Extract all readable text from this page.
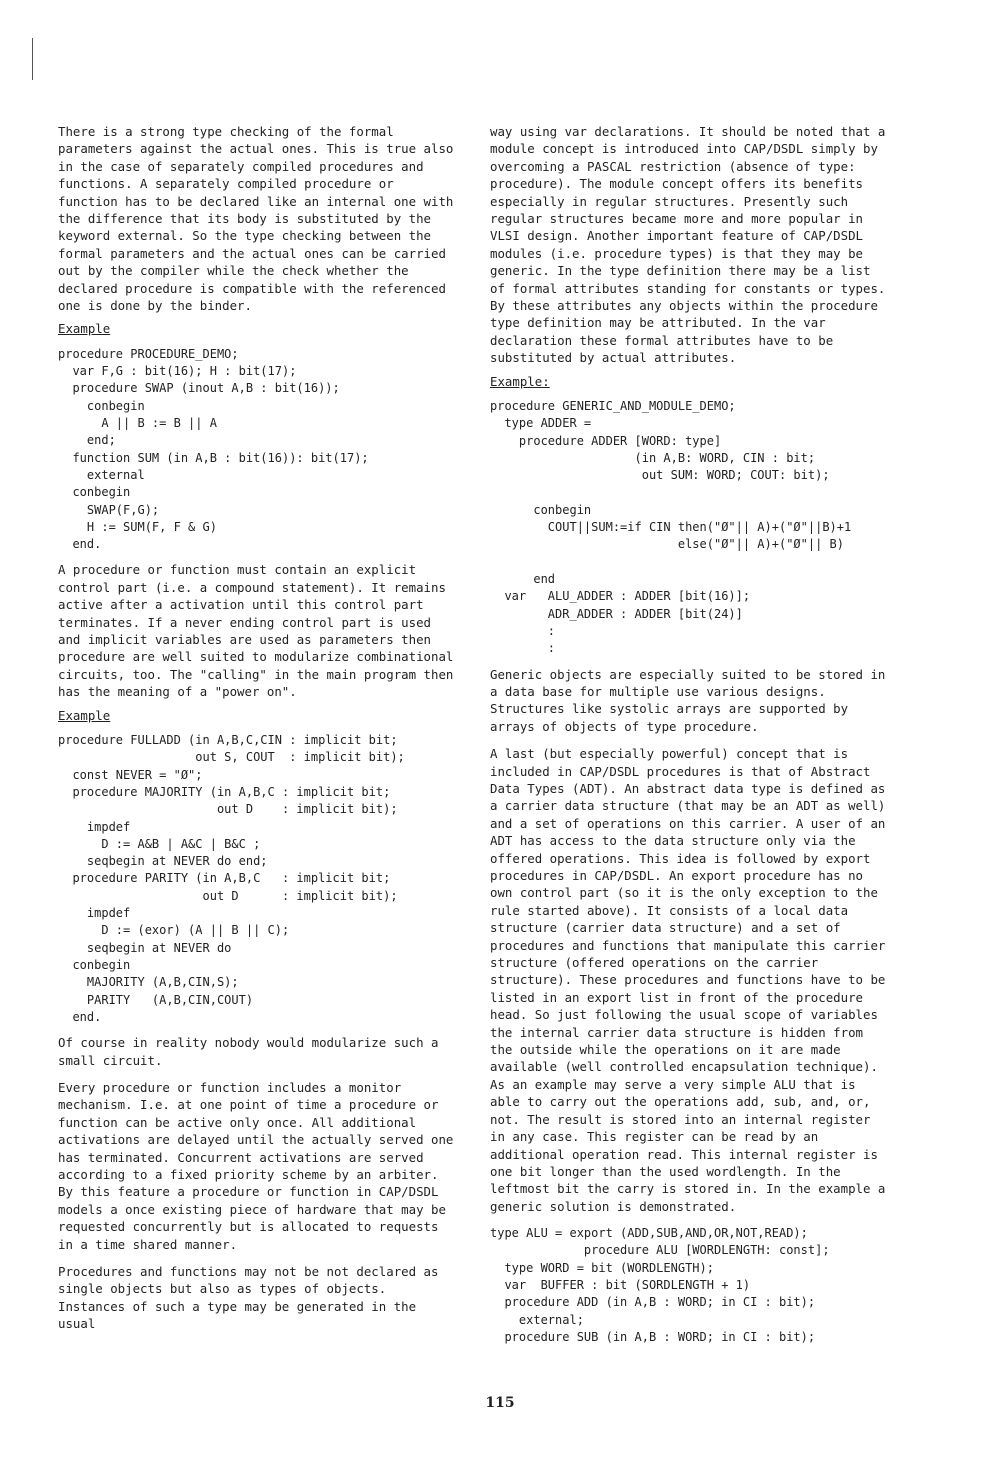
There is a strong type checking of the formal parameters against the actual ones. This is true also in the case of separately compiled procedures and functions. A separately compiled procedure or function has to be declared like an internal one with the difference that its body is substituted by the keyword external. So the type checking between the formal parameters and the actual ones can be carried out by the compiler while the check whether the declared procedure is compatible with the referenced one is done by the binder.

Example
procedure PROCEDURE_DEMO;
var F,G : bit(16); H : bit(17);
procedure SWAP (inout A,B : bit(16));
conbegin
A || B := B || A
end;
function SUM (in A,B : bit(16)): bit(17);
external
conbegin
SWAP(F,G);
H := SUM(F, F & G)
end.

A procedure or function must contain an explicit control part (i.e. a compound statement). It remains active after a activation until this control part terminates. If a never ending control part is used and implicit variables are used as parameters then procedure are well suited to modularize combinational circuits, too. The "calling" in the main program then has the meaning of a "power on".

Example
procedure FULLADD (in A,B,C,CIN : implicit bit;
out S, COUT  : implicit bit);
const NEVER = "Ø";
procedure MAJORITY (in A,B,C : implicit bit;
out D    : implicit bit);
impdef
D := A&B | A&C | B&C ;
seqbegin at NEVER do end;
procedure PARITY (in A,B,C   : implicit bit;
out D      : implicit bit);
impdef
D := (exor) (A || B || C);
seqbegin at NEVER do
conbegin
MAJORITY (A,B,CIN,S);
PARITY   (A,B,CIN,COUT)
end.

Of course in reality nobody would modularize such a small circuit.

Every procedure or function includes a monitor mechanism. I.e. at one point of time a procedure or function can be active only once. All additional activations are delayed until the actually served one has terminated. Concurrent activations are served according to a fixed priority scheme by an arbiter. By this feature a procedure or function in CAP/DSDL models a once existing piece of hardware that may be requested concurrently but is allocated to requests in a time shared manner.

Procedures and functions may not be not declared as single objects but also as types of objects. Instances of such a type may be generated in the usual

way using var declarations. It should be noted that a module concept is introduced into CAP/DSDL simply by overcoming a PASCAL restriction (absence of type: procedure). The module concept offers its benefits especially in regular structures. Presently such regular structures became more and more popular in VLSI design. Another important feature of CAP/DSDL modules (i.e. procedure types) is that they may be generic. In the type definition there may be a list of formal attributes standing for constants or types. By these attributes any objects within the procedure type definition may be attributed. In the var declaration these formal attributes have to be substituted by actual attributes.

Example:
procedure GENERIC_AND_MODULE_DEMO;
type ADDER =
procedure ADDER [WORD: type]
(in A,B: WORD, CIN : bit;
out SUM: WORD; COUT: bit);

conbegin
COUT||SUM:=if CIN then("Ø"|| A)+("Ø"||B)+1
else("Ø"|| A)+("Ø"|| B)

end
var   ALU_ADDER : ADDER [bit(16)];
ADR_ADDER : ADDER [bit(24)]
:
:

Generic objects are especially suited to be stored in a data base for multiple use various designs. Structures like systolic arrays are supported by arrays of objects of type procedure.

A last (but especially powerful) concept that is included in CAP/DSDL procedures is that of Abstract Data Types (ADT). An abstract data type is defined as a carrier data structure (that may be an ADT as well) and a set of operations on this carrier. A user of an ADT has access to the data structure only via the offered operations. This idea is followed by export procedures in CAP/DSDL. An export procedure has no own control part (so it is the only exception to the rule started above). It consists of a local data structure (carrier data structure) and a set of procedures and functions that manipulate this carrier structure (offered operations on the carrier structure). These procedures and functions have to be listed in an export list in front of the procedure head. So just following the usual scope of variables the internal carrier data structure is hidden from the outside while the operations on it are made available (well controlled encapsulation technique). As an example may serve a very simple ALU that is able to carry out the operations add, sub, and, or, not. The result is stored into an internal register in any case. This register can be read by an additional operation read. This internal register is one bit longer than the used wordlength. In the leftmost bit the carry is stored in. In the example a generic solution is demonstrated.

type ALU = export (ADD,SUB,AND,OR,NOT,READ);
procedure ALU [WORDLENGTH: const];
type WORD = bit (WORDLENGTH);
var  BUFFER : bit (SORDLENGTH + 1)
procedure ADD (in A,B : WORD; in CI : bit);
external;
procedure SUB (in A,B : WORD; in CI : bit);
115
